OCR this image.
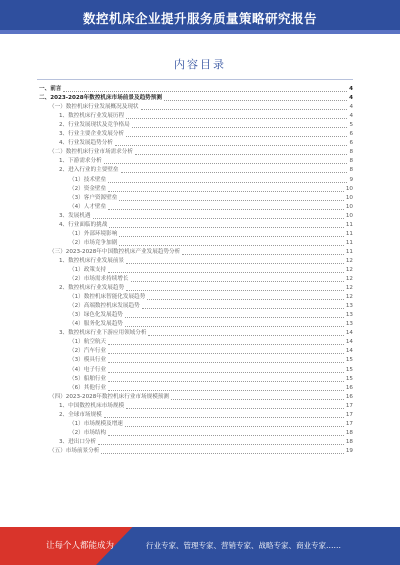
数控机床企业提升服务质量策略研究报告
内容目录
一、前言	4
二、2023-2028年数控机床市场前景及趋势预测	4
（一）数控机床行业发展概况及现状	4
1、数控机床行业发展历程	4
2、行业发展现状及竞争格局	5
3、行业主要企业发展分析	6
4、行业发展趋势分析	6
（二）数控机床行业市场需求分析	8
1、下游需求分析	8
2、进入行业的主要壁垒	8
（1）技术壁垒	9
（2）资金壁垒	10
（3）客户资源壁垒	10
（4）人才壁垒	10
3、发展机遇	10
4、行业面临的挑战	11
（1）外部环境影响	11
（2）市场竞争加剧	11
（三）2023-2028年中国数控机床产业发展趋势分析	11
1、数控机床行业发展前景	12
（1）政策支持	12
（2）市场需求持续增长	12
2、数控机床行业发展趋势	12
（1）数控机床智能化发展趋势	12
（2）高端数控机床发展趋势	13
（3）绿色化发展趋势	13
（4）服务化发展趋势	13
3、数控机床行业下游应用领域分析	14
（1）航空航天	14
（2）汽车行业	14
（3）模具行业	15
（4）电子行业	15
（5）船舶行业	15
（6）其他行业	16
（四）2023-2028年数控机床行业市场规模预测	16
1、中国数控机床市场规模	17
2、全球市场规模	17
（1）市场规模及增速	17
（2）市场结构	18
3、进出口分析	18
（五）市场前景分析	19
让每个人都能成为	行业专家、管理专家、营销专家、战略专家、商业专家……
